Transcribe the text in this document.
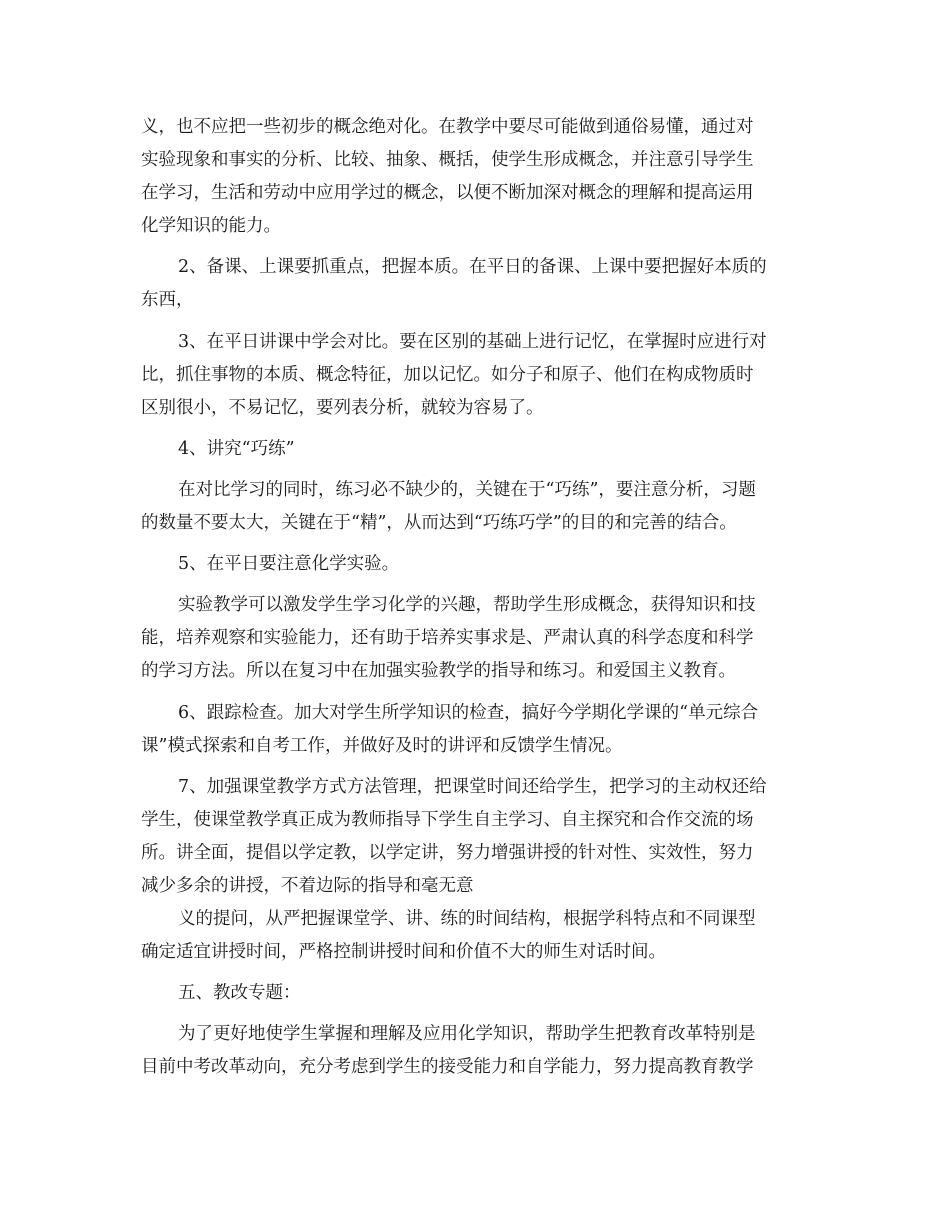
义，也不应把一些初步的概念绝对化。在教学中要尽可能做到通俗易懂，通过对
实验现象和事实的分析、比较、抽象、概括，使学生形成概念，并注意引导学生
在学习，生活和劳动中应用学过的概念，以便不断加深对概念的理解和提高运用
化学知识的能力。
2、备课、上课要抓重点，把握本质。在平日的备课、上课中要把握好本质的
东西，
3、在平日讲课中学会对比。要在区别的基础上进行记忆，在掌握时应进行对
比，抓住事物的本质、概念特征，加以记忆。如分子和原子、他们在构成物质时
区别很小，不易记忆，要列表分析，就较为容易了。
4、讲究“巧练”
在对比学习的同时，练习必不缺少的，关键在于“巧练”，要注意分析，习题
的数量不要太大，关键在于“精”，从而达到“巧练巧学”的目的和完善的结合。
5、在平日要注意化学实验。
实验教学可以激发学生学习化学的兴趣，帮助学生形成概念，获得知识和技
能，培养观察和实验能力，还有助于培养实事求是、严肃认真的科学态度和科学
的学习方法。所以在复习中在加强实验教学的指导和练习。和爱国主义教育。
6、跟踪检查。加大对学生所学知识的检查，搞好今学期化学课的“单元综合
课”模式探索和自考工作，并做好及时的讲评和反馈学生情况。
7、加强课堂教学方式方法管理，把课堂时间还给学生，把学习的主动权还给
学生，使课堂教学真正成为教师指导下学生自主学习、自主探究和合作交流的场
所。讲全面，提倡以学定教，以学定讲，努力增强讲授的针对性、实效性，努力
减少多余的讲授，不着边际的指导和毫无意
义的提问，从严把握课堂学、讲、练的时间结构，根据学科特点和不同课型
确定适宜讲授时间，严格控制讲授时间和价值不大的师生对话时间。
五、教改专题：
为了更好地使学生掌握和理解及应用化学知识，帮助学生把教育改革特别是
目前中考改革动向，充分考虑到学生的接受能力和自学能力，努力提高教育教学
